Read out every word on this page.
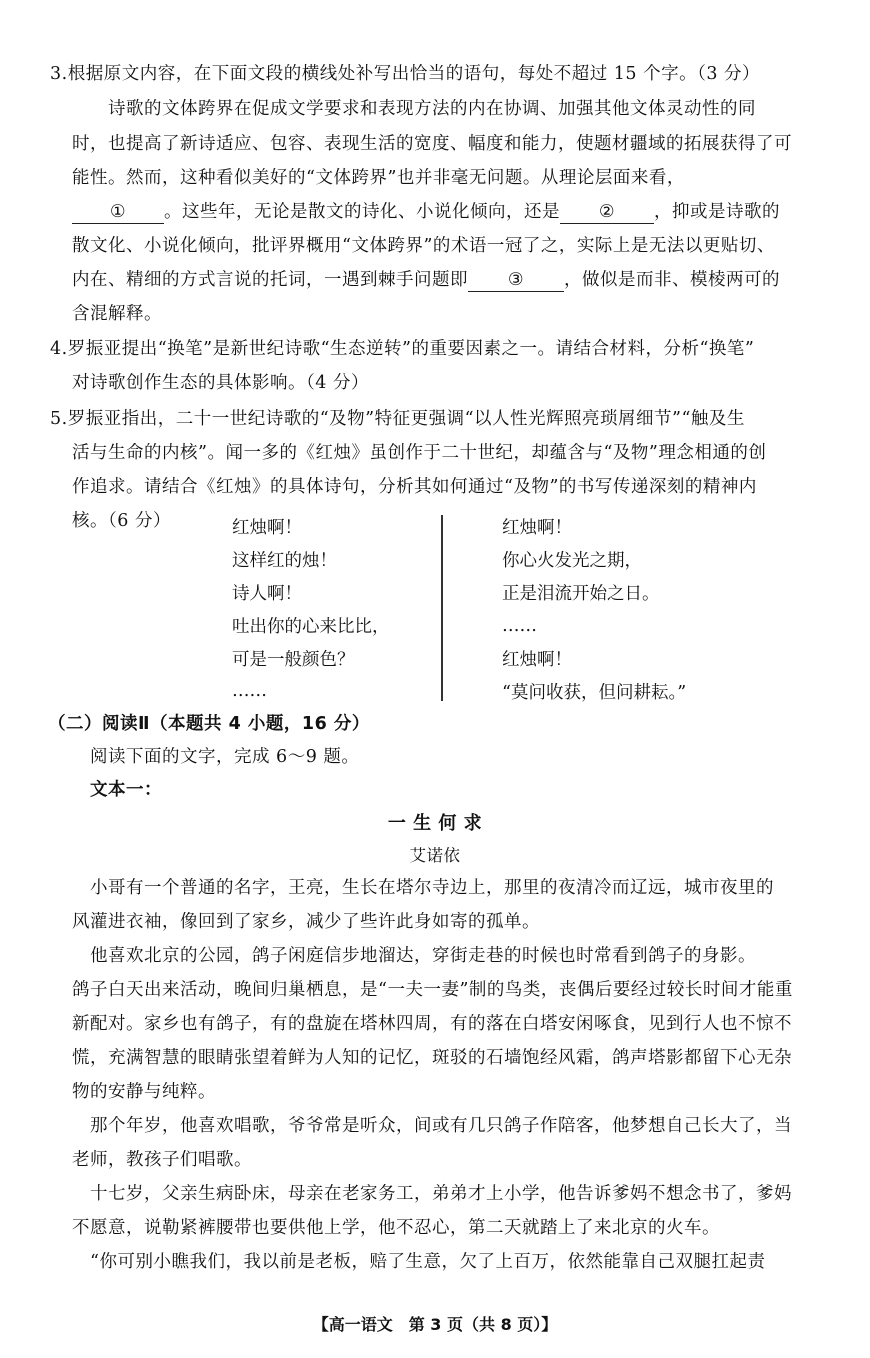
3.根据原文内容，在下面文段的横线处补写出恰当的语句，每处不超过 15 个字。（3 分）
诗歌的文体跨界在促成文学要求和表现方法的内在协调、加强其他文体灵动性的同
时，也提高了新诗适应、包容、表现生活的宽度、幅度和能力，使题材疆域的拓展获得了可
能性。然而，这种看似美好的“文体跨界”也并非毫无问题。从理论层面来看，
① 。这些年，无论是散文的诗化、小说化倾向，还是 ② ，抑或是诗歌的
散文化、小说化倾向，批评界概用“文体跨界”的术语一冠了之，实际上是无法以更贴切、
内在、精细的方式言说的托词，一遇到棘手问题即 ③ ，做似是而非、模棱两可的
含混解释。
4.罗振亚提出“换笔”是新世纪诗歌“生态逆转”的重要因素之一。请结合材料，分析“换笔”
对诗歌创作生态的具体影响。（4 分）
5.罗振亚指出，二十一世纪诗歌的“及物”特征更强调“以人性光辉照亮琐屑细节”“触及生
活与生命的内核”。闻一多的《红烛》虽创作于二十世纪，却蕴含与“及物”理念相通的创
作追求。请结合《红烛》的具体诗句，分析其如何通过“及物”的书写传递深刻的精神内
核。（6 分）	红烛啊！
这样红的烛！
诗人啊！
吐出你的心来比比，
可是一般颜色？
……
红烛啊！
你心火发光之期，
正是泪流开始之日。
……
红烛啊！
“莫问收获，但问耕耘。”
（二）阅读Ⅱ（本题共 4 小题，16 分）
阅读下面的文字，完成 6～9 题。
文本一：
一 生 何 求
艾诺依
小哥有一个普通的名字，王亮，生长在塔尔寺边上，那里的夜清冷而辽远，城市夜里的
风灌进衣袖，像回到了家乡，减少了些许此身如寄的孤单。
他喜欢北京的公园，鸽子闲庭信步地溜达，穿街走巷的时候也时常看到鸽子的身影。
鸽子白天出来活动，晚间归巢栖息，是“一夫一妻”制的鸟类，丧偶后要经过较长时间才能重
新配对。家乡也有鸽子，有的盘旋在塔林四周，有的落在白塔安闲啄食，见到行人也不惊不
慌，充满智慧的眼睛张望着鲜为人知的记忆，斑驳的石墙饱经风霜，鸽声塔影都留下心无杂
物的安静与纯粹。
那个年岁，他喜欢唱歌，爷爷常是听众，间或有几只鸽子作陪客，他梦想自己长大了，当
老师，教孩子们唱歌。
十七岁，父亲生病卧床，母亲在老家务工，弟弟才上小学，他告诉爹妈不想念书了，爹妈
不愿意，说勒紧裤腰带也要供他上学，他不忍心，第二天就踏上了来北京的火车。
“你可别小瞧我们，我以前是老板，赔了生意，欠了上百万，依然能靠自己双腿扛起责
【高一语文　第 3 页（共 8 页）】
